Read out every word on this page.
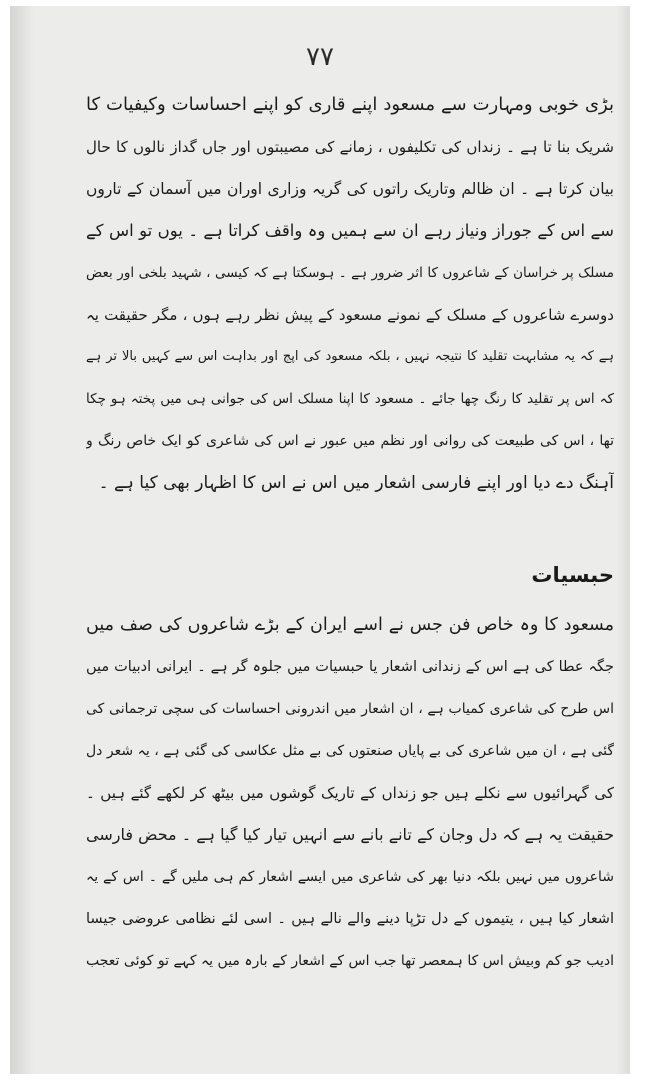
۷۷
بڑی خوبی ومہارت سے مسعود اپنے قاری کو اپنے احساسات وکیفیات کا
شریک بنا تا ہے ۔ زنداں کی تکلیفوں ، زمانے کی مصیبتوں اور جاں گداز نالوں کا حال
بیان کرتا ہے ۔ ان ظالم وتاریک راتوں کی گریہ وزاری اوران میں آسمان کے تاروں
سے اس کے جوراز ونیاز رہے ان سے ہمیں وہ واقف کراتا ہے ۔ یوں تو اس کے
مسلک پر خراسان کے شاعروں کا اثر ضرور ہے ۔ ہوسکتا ہے کہ کیسی ، شہید بلخی اور بعض
دوسرے شاعروں کے مسلک کے نمونے مسعود کے پیش نظر رہے ہوں ، مگر حقیقت یہ
ہے کہ یہ مشابہت تقلید کا نتیجہ نہیں ، بلکہ مسعود کی اپج اور بداہت اس سے کہیں بالا تر ہے
کہ اس پر تقلید کا رنگ چھا جائے ۔ مسعود کا اپنا مسلک اس کی جوانی ہی میں پختہ ہو چکا
تھا ، اس کی طبیعت کی روانی اور نظم میں عبور نے اس کی شاعری کو ایک خاص رنگ و
آہنگ دے دیا اور اپنے فارسی اشعار میں اس نے اس کا اظہار بھی کیا ہے ۔
حبسیات
مسعود کا وہ خاص فن جس نے اسے ایران کے بڑے شاعروں کی صف میں
جگہ عطا کی ہے اس کے زندانی اشعار یا حبسیات میں جلوہ گر ہے ۔ ایرانی ادبیات میں
اس طرح کی شاعری کمیاب ہے ، ان اشعار میں اندرونی احساسات کی سچی ترجمانی کی
گئی ہے ، ان میں شاعری کی بے پایاں صنعتوں کی بے مثل عکاسی کی گئی ہے ، یہ شعر دل
کی گہرائیوں سے نکلے ہیں جو زنداں کے تاریک گوشوں میں بیٹھ کر لکھے گئے ہیں ۔
حقیقت یہ ہے کہ دل وجان کے تانے بانے سے انہیں تیار کیا گیا ہے ۔ محض فارسی
شاعروں میں نہیں بلکہ دنیا بھر کی شاعری میں ایسے اشعار کم ہی ملیں گے ۔ اس کے یہ
اشعار کیا ہیں ، یتیموں کے دل تڑپا دینے والے نالے ہیں ۔ اسی لئے نظامی عروضی جیسا
ادیب جو کم وبیش اس کا ہمعصر تھا جب اس کے اشعار کے بارہ میں یہ کہے تو کوئی تعجب
